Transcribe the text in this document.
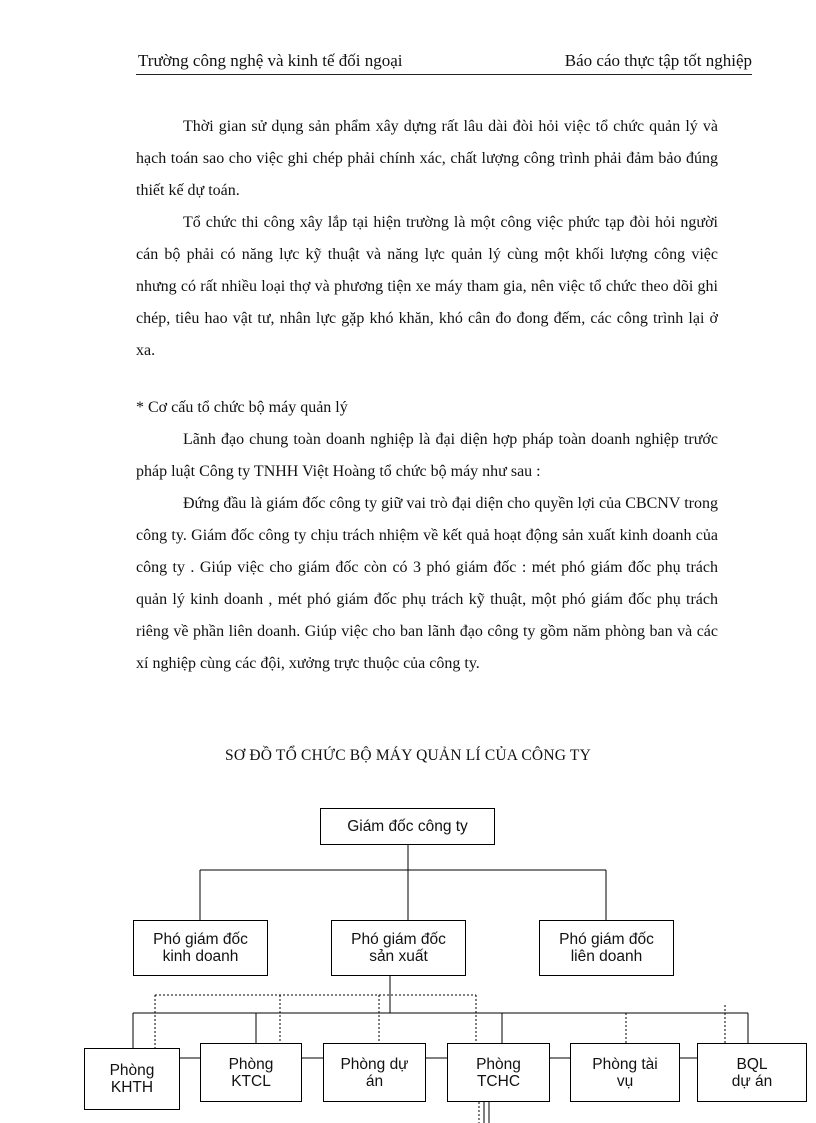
Trường công nghệ và kinh tế đối ngoại	Báo cáo thực tập tốt nghiệp

Thời gian sử dụng sản phẩm xây dựng rất lâu dài đòi hỏi việc tổ chức quản lý và hạch toán sao cho việc ghi chép phải chính xác, chất lượng công trình phải đảm bảo đúng thiết kế dự toán.

Tổ chức thi công xây lắp tại hiện trường là một công việc phức tạp đòi hỏi người cán bộ phải có năng lực kỹ thuật và năng lực quản lý cùng một khối lượng công việc nhưng có rất nhiều loại thợ và phương tiện xe máy tham gia, nên việc tổ chức theo dõi ghi chép, tiêu hao vật tư, nhân lực gặp khó khăn, khó cân đo đong đếm, các công trình lại ở xa.

* Cơ cấu tổ chức bộ máy quản lý

Lãnh đạo chung toàn doanh nghiệp là đại diện hợp pháp toàn doanh nghiệp trước pháp luật Công ty TNHH Việt Hoàng tổ chức bộ máy như sau :

Đứng đầu là giám đốc công ty giữ vai trò đại diện cho quyền lợi của CBCNV trong công ty. Giám đốc công ty chịu trách nhiệm về kết quả hoạt động sản xuất kinh doanh của công ty . Giúp việc cho giám đốc còn có 3 phó giám đốc : mét phó giám đốc phụ trách quản lý kinh doanh , mét phó giám đốc phụ trách kỹ thuật, một phó giám đốc phụ trách riêng về phần liên doanh. Giúp việc cho ban lãnh đạo công ty gồm năm phòng ban và các xí nghiệp cùng các đội, xưởng trực thuộc của công ty.

SƠ ĐỒ TỔ CHỨC BỘ MÁY QUẢN LÍ CỦA CÔNG TY
Giám đốc công ty
Phó giám đốc
kinh doanh
Phó giám đốc
sản xuất
Phó giám đốc
liên doanh
Phòng
KHTH
Phòng
KTCL
Phòng dự
án
Phòng
TCHC
Phòng tài
vụ
BQL
dự án
